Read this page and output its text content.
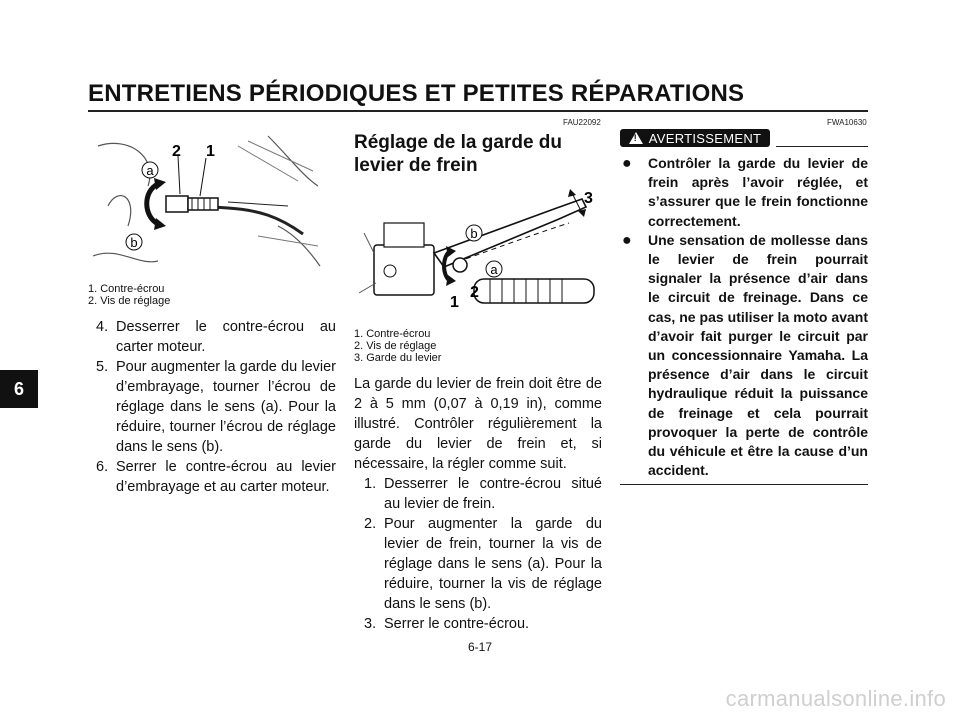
ENTRETIENS PÉRIODIQUES ET PETITES RÉPARATIONS
6
a
b
2 1
1. Contre-écrou
2. Vis de réglage
4. Desserrer le contre-écrou au carter moteur.
5. Pour augmenter la garde du levier d’embrayage, tourner l’écrou de réglage dans le sens (a). Pour la réduire, tourner l’écrou de réglage dans le sens (b).
6. Serrer le contre-écrou au levier d’embrayage et au carter moteur.
FAU22092
Réglage de la garde du levier de frein
b
a
1
2
3
1. Contre-écrou
2. Vis de réglage
3. Garde du levier
La garde du levier de frein doit être de 2 à 5 mm (0,07 à 0,19 in), comme illustré. Contrôler régulièrement la garde du levier de frein et, si nécessaire, la régler comme suit.
1. Desserrer le contre-écrou situé au levier de frein.
2. Pour augmenter la garde du levier de frein, tourner la vis de réglage dans le sens (a). Pour la réduire, tourner la vis de réglage dans le sens (b).
3. Serrer le contre-écrou.
FWA10630
!
AVERTISSEMENT
●	Contrôler la garde du levier de frein après l’avoir réglée, et s’assurer que le frein fonctionne correctement.
●	Une sensation de mollesse dans le levier de frein pourrait signaler la présence d’air dans le circuit de freinage. Dans ce cas, ne pas utiliser la moto avant d’avoir fait purger le circuit par un concessionnaire Yamaha. La présence d’air dans le circuit hydraulique réduit la puissance de freinage et cela pourrait provoquer la perte de contrôle du véhicule et être la cause d’un accident.
6-17
carmanualsonline.info
